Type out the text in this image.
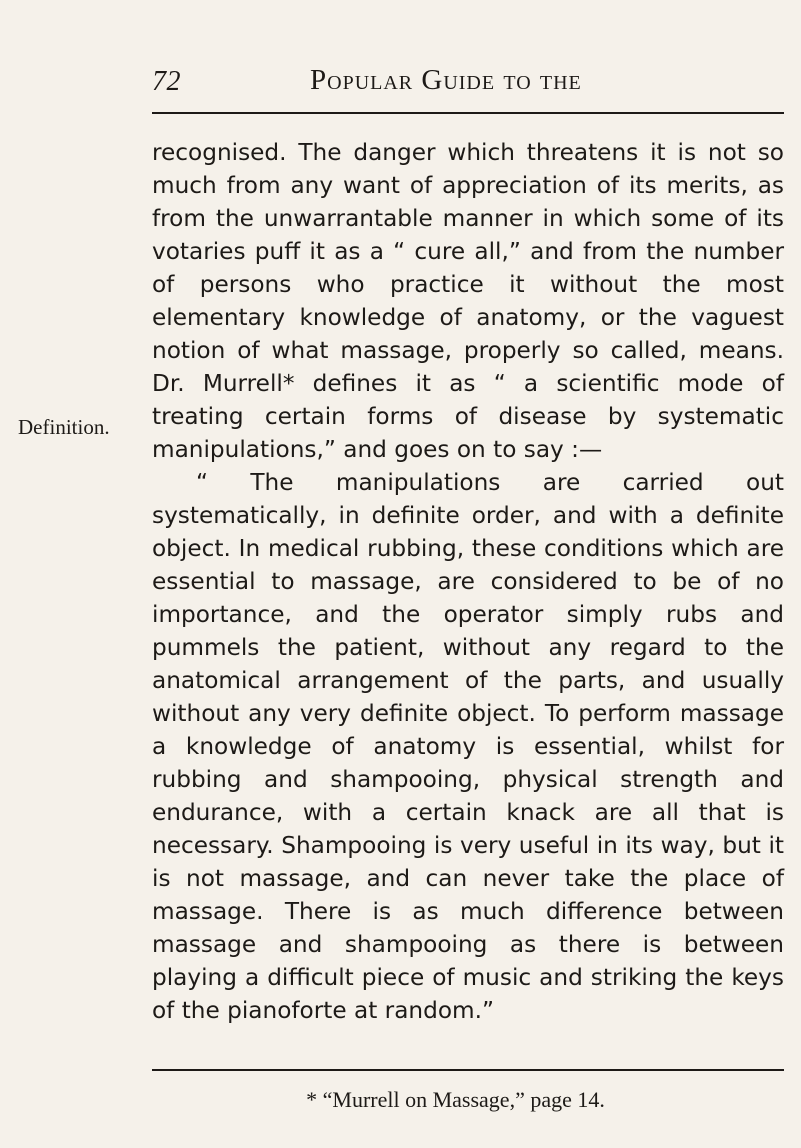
72	Popular Guide to the
Definition.

recognised. The danger which threatens it is not so much from any want of appreciation of its merits, as from the unwarrantable manner in which some of its votaries puff it as a “ cure all,” and from the number of persons who practice it without the most elementary knowledge of anatomy, or the vaguest notion of what massage, properly so called, means. Dr. Murrell* defines it as “ a scientific mode of treating certain forms of disease by systematic manipulations,” and goes on to say :—

“ The manipulations are carried out systematically, in definite order, and with a definite object. In medical rubbing, these conditions which are essential to massage, are considered to be of no importance, and the operator simply rubs and pummels the patient, without any regard to the anatomical arrangement of the parts, and usually without any very definite object. To perform massage a knowledge of anatomy is essential, whilst for rubbing and shampooing, physical strength and endurance, with a certain knack are all that is necessary. Shampooing is very useful in its way, but it is not massage, and can never take the place of massage. There is as much difference between massage and shampooing as there is between playing a difficult piece of music and striking the keys of the pianoforte at random.”

* “Murrell on Massage,” page 14.
